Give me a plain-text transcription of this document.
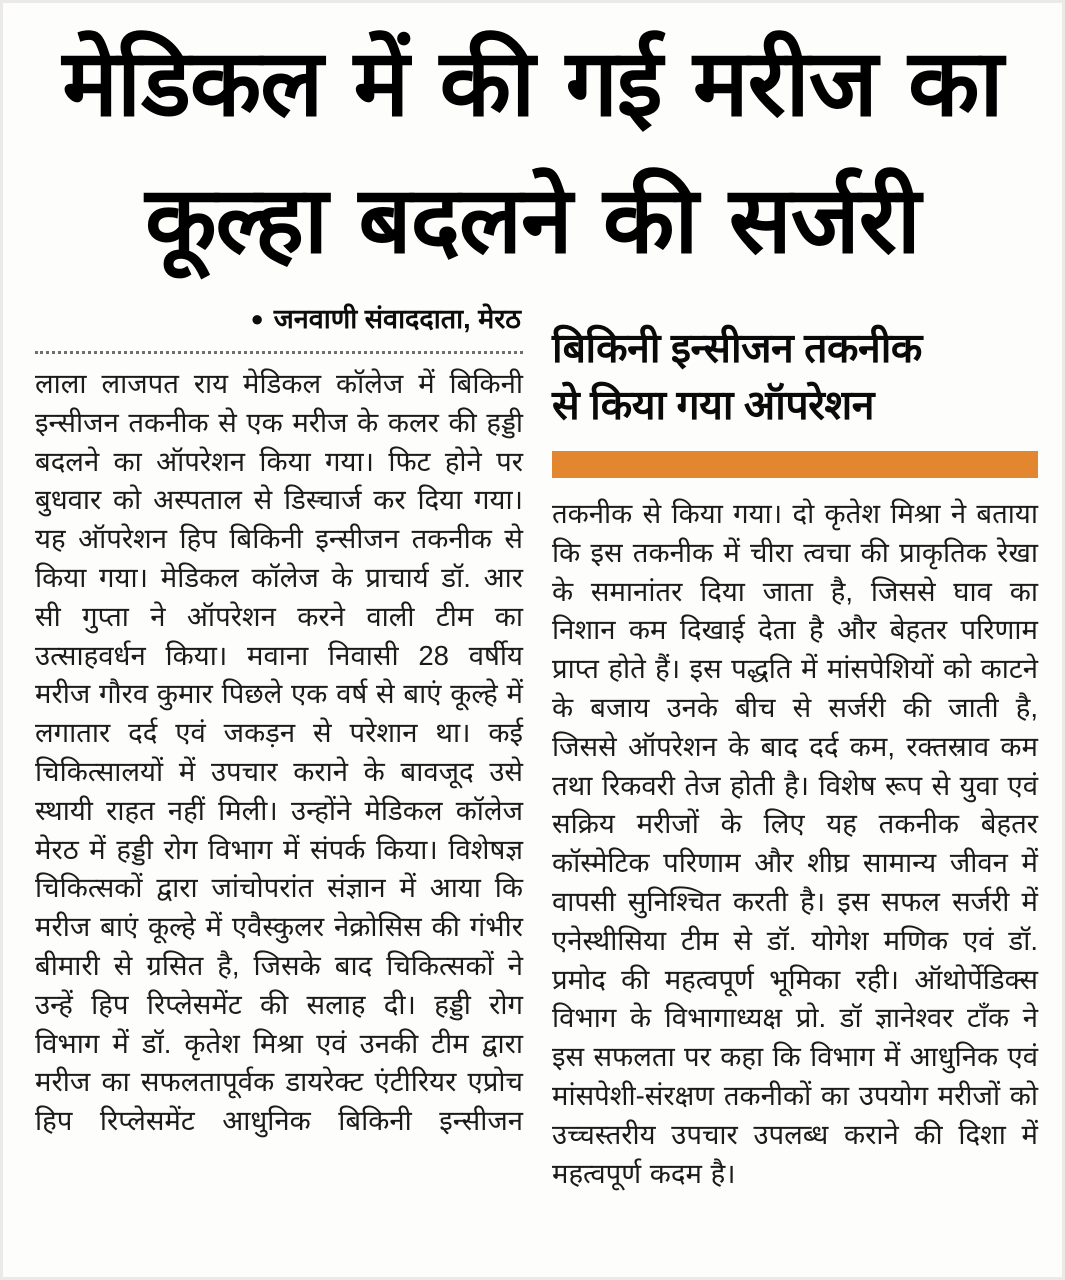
मेडिकल में की गई मरीज का
कूल्हा बदलने की सर्जरी
● जनवाणी संवाददाता, मेरठ

लाला लाजपत राय मेडिकल कॉलेज में बिकिनी इन्सीजन तकनीक से एक मरीज के कलर की हड्डी बदलने का ऑपरेशन किया गया। फिट होने पर बुधवार को अस्पताल से डिस्चार्ज कर दिया गया। यह ऑपरेशन हिप बिकिनी इन्सीजन तकनीक से किया गया। मेडिकल कॉलेज के प्राचार्य डॉ. आर सी गुप्ता ने ऑपरेशन करने वाली टीम का उत्साहवर्धन किया। मवाना निवासी 28 वर्षीय मरीज गौरव कुमार पिछले एक वर्ष से बाएं कूल्हे में लगातार दर्द एवं जकड़न से परेशान था। कई चिकित्सालयों में उपचार कराने के बावजूद उसे स्थायी राहत नहीं मिली। उन्होंने मेडिकल कॉलेज मेरठ में हड्डी रोग विभाग में संपर्क किया। विशेषज्ञ चिकित्सकों द्वारा जांचोपरांत संज्ञान में आया कि मरीज बाएं कूल्हे में एवैस्कुलर नेक्रोसिस की गंभीर बीमारी से ग्रसित है, जिसके बाद चिकित्सकों ने उन्हें हिप रिप्लेसमेंट की सलाह दी। हड्डी रोग विभाग में डॉ. कृतेश मिश्रा एवं उनकी टीम द्वारा मरीज का सफलतापूर्वक डायरेक्ट एंटीरियर एप्रोच हिप रिप्लेसमेंट आधुनिक बिकिनी इन्सीजन

बिकिनी इन्सीजन तकनीक
से किया गया ऑपरेशन

तकनीक से किया गया। दो कृतेश मिश्रा ने बताया कि इस तकनीक में चीरा त्वचा की प्राकृतिक रेखा के समानांतर दिया जाता है, जिससे घाव का निशान कम दिखाई देता है और बेहतर परिणाम प्राप्त होते हैं। इस पद्धति में मांसपेशियों को काटने के बजाय उनके बीच से सर्जरी की जाती है, जिससे ऑपरेशन के बाद दर्द कम, रक्तस्राव कम तथा रिकवरी तेज होती है। विशेष रूप से युवा एवं सक्रिय मरीजों के लिए यह तकनीक बेहतर कॉस्मेटिक परिणाम और शीघ्र सामान्य जीवन में वापसी सुनिश्चित करती है। इस सफल सर्जरी में एनेस्थीसिया टीम से डॉ. योगेश मणिक एवं डॉ. प्रमोद की महत्वपूर्ण भूमिका रही। ऑथोर्पेडिक्स विभाग के विभागाध्यक्ष प्रो. डॉ ज्ञानेश्वर टाँक ने इस सफलता पर कहा कि विभाग में आधुनिक एवं मांसपेशी-संरक्षण तकनीकों का उपयोग मरीजों को उच्चस्तरीय उपचार उपलब्ध कराने की दिशा में महत्वपूर्ण कदम है।
